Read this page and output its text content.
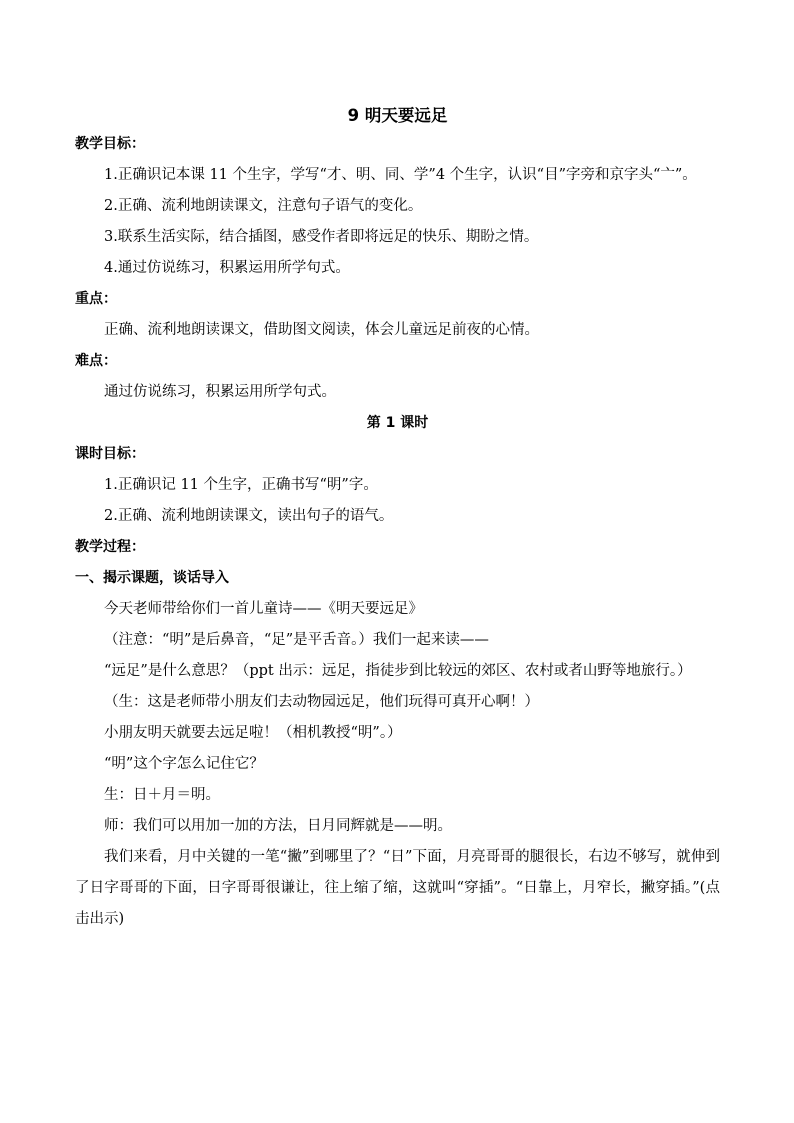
9 明天要远足

教学目标：

1.正确识记本课 11 个生字，学写“才、明、同、学”4 个生字，认识“目”字旁和京字头“亠”。

2.正确、流利地朗读课文，注意句子语气的变化。

3.联系生活实际，结合插图，感受作者即将远足的快乐、期盼之情。

4.通过仿说练习，积累运用所学句式。

重点：

正确、流利地朗读课文，借助图文阅读，体会儿童远足前夜的心情。

难点：

通过仿说练习，积累运用所学句式。

第 1 课时

课时目标：

1.正确识记 11 个生字，正确书写“明”字。

2.正确、流利地朗读课文，读出句子的语气。

教学过程：

一、揭示课题，谈话导入

今天老师带给你们一首儿童诗——《明天要远足》

（注意：“明”是后鼻音，“足”是平舌音。）我们一起来读——

“远足”是什么意思？（ppt 出示：远足，指徒步到比较远的郊区、农村或者山野等地旅行。）

（生：这是老师带小朋友们去动物园远足，他们玩得可真开心啊！）

小朋友明天就要去远足啦！（相机教授“明”。）

“明”这个字怎么记住它？

生：日＋月＝明。

师：我们可以用加一加的方法，日月同辉就是——明。

我们来看，月中关键的一笔“撇”到哪里了？“日”下面，月亮哥哥的腿很长，右边不够写，就伸到了日字哥哥的下面，日字哥哥很谦让，往上缩了缩，这就叫“穿插”。“日靠上，月窄长，撇穿插。”(点击出示)
